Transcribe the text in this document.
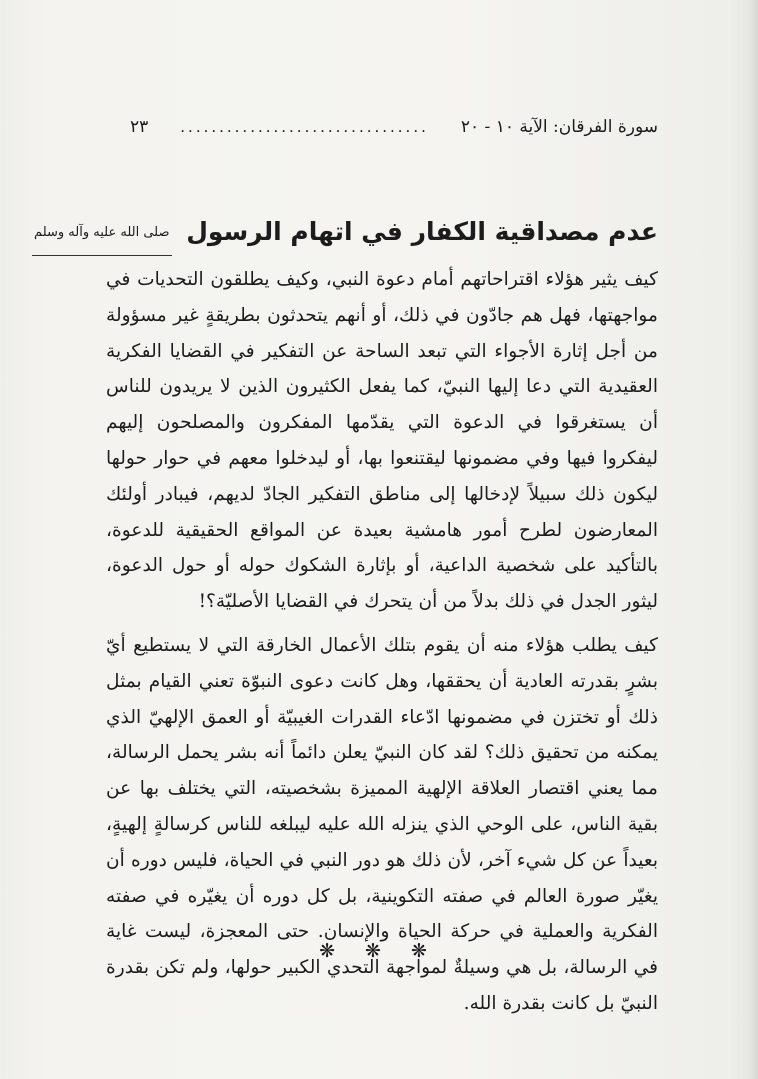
سورة الفرقان: الآية ١٠ - ٢٠
................................
٢٣
عدم مصداقية الكفار في اتهام الرسول صلى الله عليه وآله وسلم

كيف يثير هؤلاء اقتراحاتهم أمام دعوة النبي، وكيف يطلقون التحديات في مواجهتها، فهل هم جادّون في ذلك، أو أنهم يتحدثون بطريقةٍ غير مسؤولة من أجل إثارة الأجواء التي تبعد الساحة عن التفكير في القضايا الفكرية العقيدية التي دعا إليها النبيّ، كما يفعل الكثيرون الذين لا يريدون للناس أن يستغرقوا في الدعوة التي يقدّمها المفكرون والمصلحون إليهم ليفكروا فيها وفي مضمونها ليقتنعوا بها، أو ليدخلوا معهم في حوار حولها ليكون ذلك سبيلاً لإدخالها إلى مناطق التفكير الجادّ لديهم، فيبادر أولئك المعارضون لطرح أمور هامشية بعيدة عن المواقع الحقيقية للدعوة، بالتأكيد على شخصية الداعية، أو بإثارة الشكوك حوله أو حول الدعوة، ليثور الجدل في ذلك بدلاً من أن يتحرك في القضايا الأصليّة؟!

كيف يطلب هؤلاء منه أن يقوم بتلك الأعمال الخارقة التي لا يستطيع أيّ بشرٍ بقدرته العادية أن يحققها، وهل كانت دعوى النبوّة تعني القيام بمثل ذلك أو تختزن في مضمونها ادّعاء القدرات الغيبيّة أو العمق الإلهيّ الذي يمكنه من تحقيق ذلك؟ لقد كان النبيّ يعلن دائماً أنه بشر يحمل الرسالة، مما يعني اقتصار العلاقة الإلهية المميزة بشخصيته، التي يختلف بها عن بقية الناس، على الوحي الذي ينزله الله عليه ليبلغه للناس كرسالةٍ إلهيةٍ، بعيداً عن كل شيء آخر، لأن ذلك هو دور النبي في الحياة، فليس دوره أن يغيّر صورة العالم في صفته التكوينية، بل كل دوره أن يغيّره في صفته الفكرية والعملية في حركة الحياة والإنسان. حتى المعجزة، ليست غاية في الرسالة، بل هي وسيلةٌ لمواجهة التحدي الكبير حولها، ولم تكن بقدرة النبيّ بل كانت بقدرة الله.

❋ ❋ ❋
